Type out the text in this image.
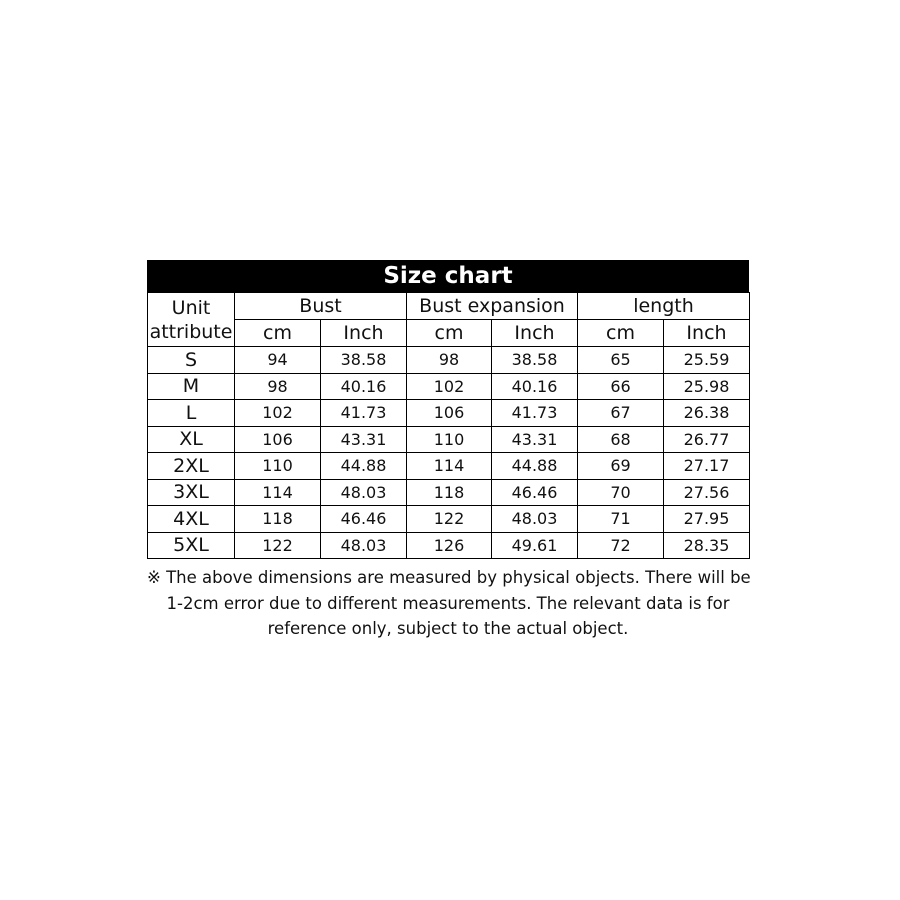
Size chart
Unit
attribute	Bust		Bust expansion		length	
	cm	Inch	cm	Inch	cm	Inch
S	94	38.58	98	38.58	65	25.59
M	98	40.16	102	40.16	66	25.98
L	102	41.73	106	41.73	67	26.38
XL	106	43.31	110	43.31	68	26.77
2XL	110	44.88	114	44.88	69	27.17
3XL	114	48.03	118	46.46	70	27.56
4XL	118	46.46	122	48.03	71	27.95
5XL	122	48.03	126	49.61	72	28.35
※ The above dimensions are measured by physical objects. There will be
1-2cm error due to different measurements. The relevant data is for
reference only, subject to the actual object.
